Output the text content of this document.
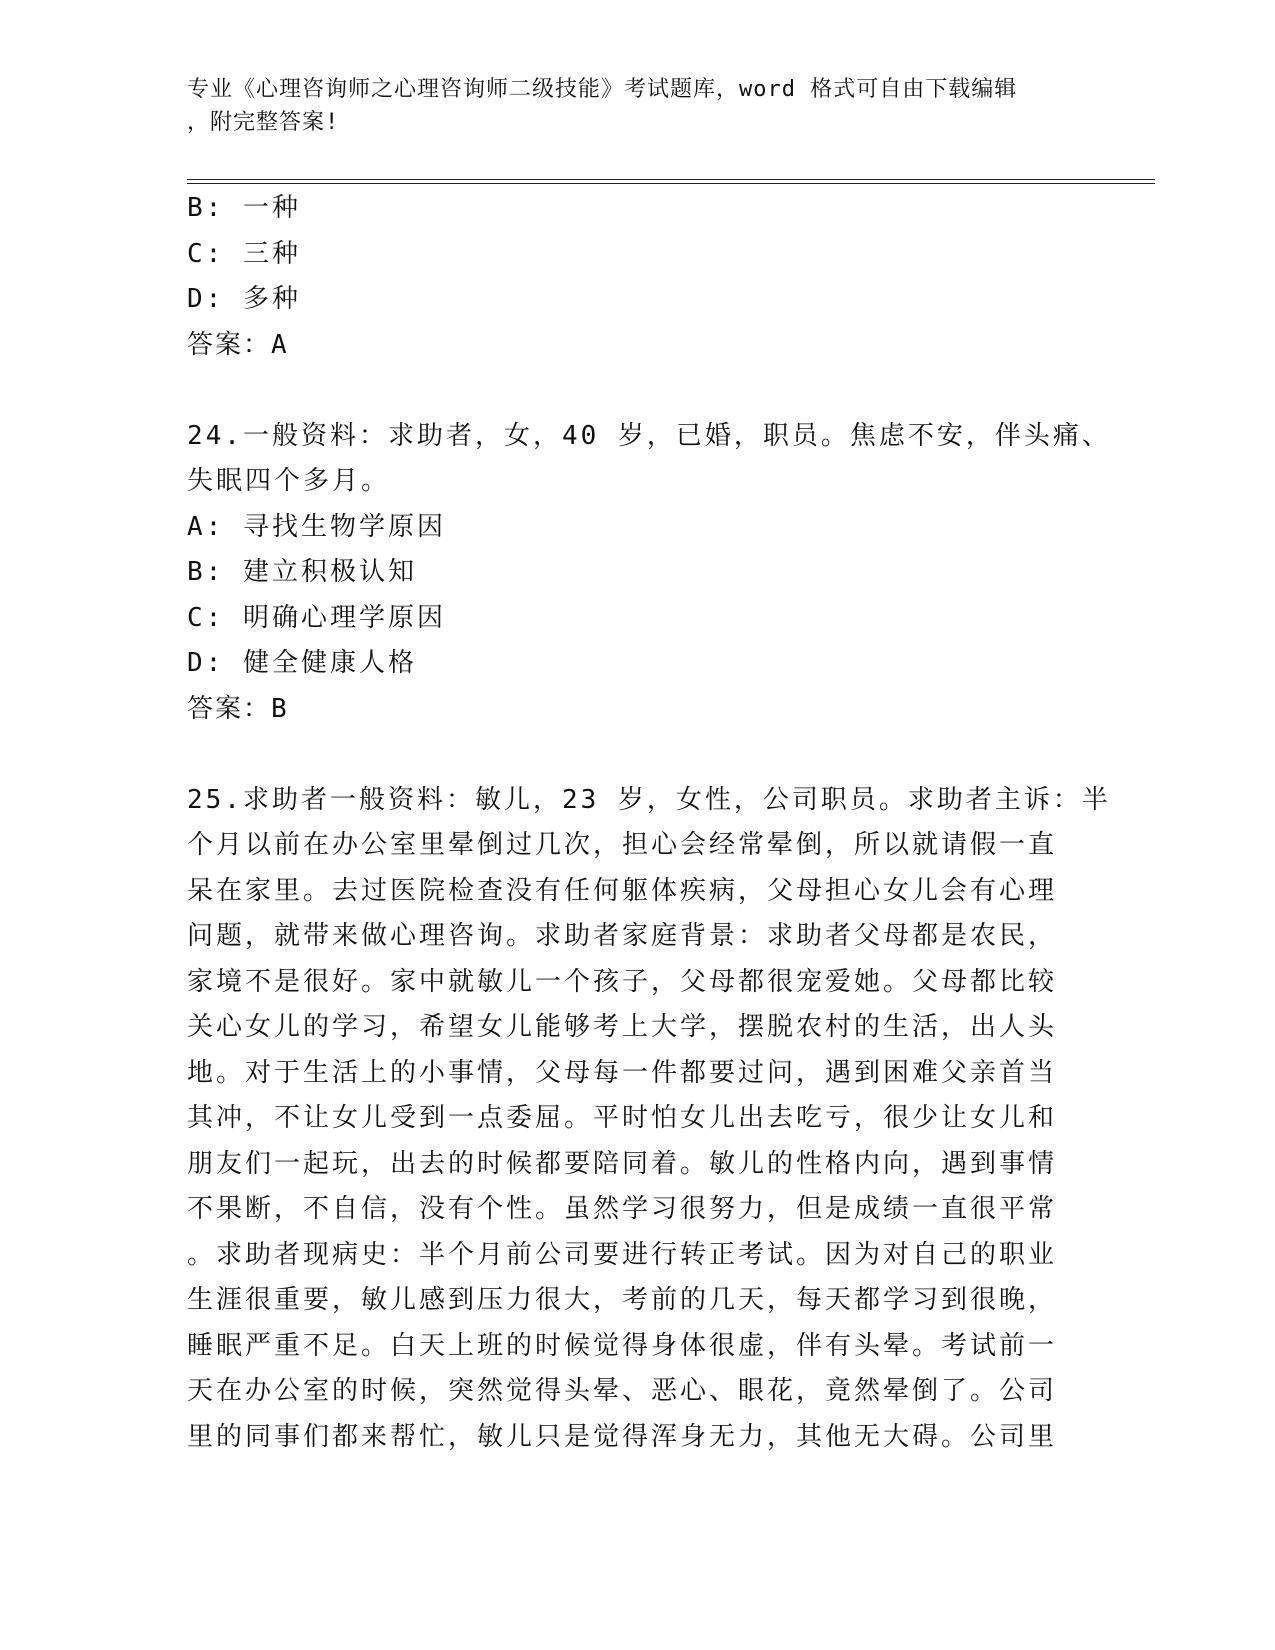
专业《心理咨询师之心理咨询师二级技能》考试题库，word 格式可自由下载编辑
，附完整答案!
B: 一种
C: 三种
D: 多种
答案：A
24.一般资料：求助者，女，40 岁，已婚，职员。焦虑不安，伴头痛、
失眠四个多月。
A: 寻找生物学原因
B: 建立积极认知
C: 明确心理学原因
D: 健全健康人格
答案：B
25.求助者一般资料：敏儿，23 岁，女性，公司职员。求助者主诉：半
个月以前在办公室里晕倒过几次，担心会经常晕倒，所以就请假一直
呆在家里。去过医院检查没有任何躯体疾病，父母担心女儿会有心理
问题，就带来做心理咨询。求助者家庭背景：求助者父母都是农民，
家境不是很好。家中就敏儿一个孩子，父母都很宠爱她。父母都比较
关心女儿的学习，希望女儿能够考上大学，摆脱农村的生活，出人头
地。对于生活上的小事情，父母每一件都要过问，遇到困难父亲首当
其冲，不让女儿受到一点委屈。平时怕女儿出去吃亏，很少让女儿和
朋友们一起玩，出去的时候都要陪同着。敏儿的性格内向，遇到事情
不果断，不自信，没有个性。虽然学习很努力，但是成绩一直很平常
。求助者现病史：半个月前公司要进行转正考试。因为对自己的职业
生涯很重要，敏儿感到压力很大，考前的几天，每天都学习到很晚，
睡眠严重不足。白天上班的时候觉得身体很虚，伴有头晕。考试前一
天在办公室的时候，突然觉得头晕、恶心、眼花，竟然晕倒了。公司
里的同事们都来帮忙，敏儿只是觉得浑身无力，其他无大碍。公司里
